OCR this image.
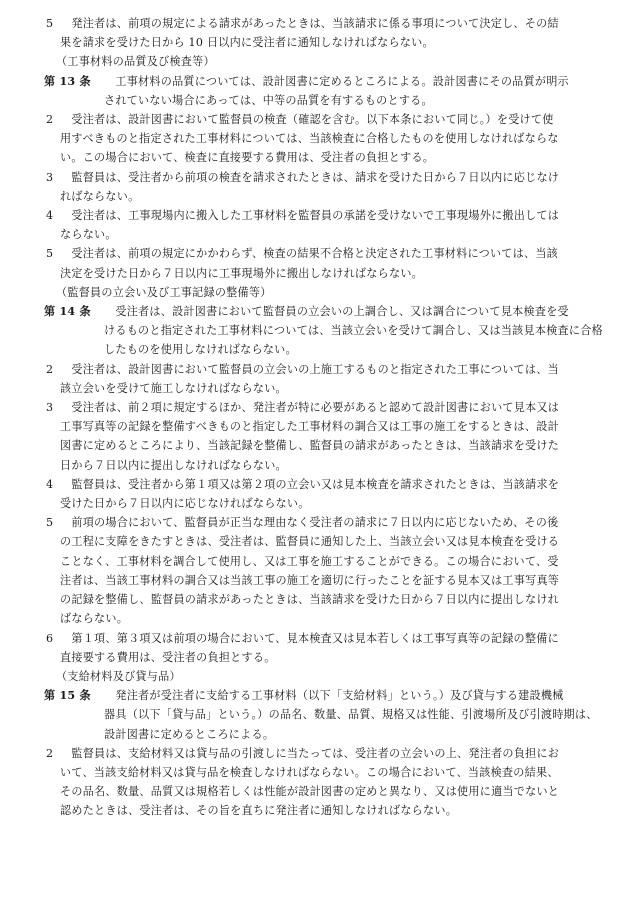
5 　発注者は、前項の規定による請求があったときは、当該請求に係る事項について決定し、その結
果を請求を受けた日から 10 日以内に受注者に通知しなければならない。
（工事材料の品質及び検査等）
第 13 条 　工事材料の品質については、設計図書に定めるところによる。設計図書にその品質が明示
されていない場合にあっては、中等の品質を有するものとする。
2 　受注者は、設計図書において監督員の検査（確認を含む。以下本条において同じ。）を受けて使
用すべきものと指定された工事材料については、当該検査に合格したものを使用しなければならな
い。この場合において、検査に直接要する費用は、受注者の負担とする。
3 　監督員は、受注者から前項の検査を請求されたときは、請求を受けた日から７日以内に応じなけ
ればならない。
4 　受注者は、工事現場内に搬入した工事材料を監督員の承諾を受けないで工事現場外に搬出しては
ならない。
5 　受注者は、前項の規定にかかわらず、検査の結果不合格と決定された工事材料については、当該
決定を受けた日から７日以内に工事現場外に搬出しなければならない。
（監督員の立会い及び工事記録の整備等）
第 14 条 　受注者は、設計図書において監督員の立会いの上調合し、又は調合について見本検査を受
けるものと指定された工事材料については、当該立会いを受けて調合し、又は当該見本検査に合格
したものを使用しなければならない。
2 　受注者は、設計図書において監督員の立会いの上施工するものと指定された工事については、当
該立会いを受けて施工しなければならない。
3 　受注者は、前２項に規定するほか、発注者が特に必要があると認めて設計図書において見本又は
工事写真等の記録を整備すべきものと指定した工事材料の調合又は工事の施工をするときは、設計
図書に定めるところにより、当該記録を整備し、監督員の請求があったときは、当該請求を受けた
日から７日以内に提出しなければならない。
4 　監督員は、受注者から第１項又は第２項の立会い又は見本検査を請求されたときは、当該請求を
受けた日から７日以内に応じなければならない。
5 　前項の場合において、監督員が正当な理由なく受注者の請求に７日以内に応じないため、その後
の工程に支障をきたすときは、受注者は、監督員に通知した上、当該立会い又は見本検査を受ける
ことなく、工事材料を調合して使用し、又は工事を施工することができる。この場合において、受
注者は、当該工事材料の調合又は当該工事の施工を適切に行ったことを証する見本又は工事写真等
の記録を整備し、監督員の請求があったときは、当該請求を受けた日から７日以内に提出しなけれ
ばならない。
6 　第１項、第３項又は前項の場合において、見本検査又は見本若しくは工事写真等の記録の整備に
直接要する費用は、受注者の負担とする。
（支給材料及び貸与品）
第 15 条 　発注者が受注者に支給する工事材料（以下「支給材料」という。）及び貸与する建設機械
器具（以下「貸与品」という。）の品名、数量、品質、規格又は性能、引渡場所及び引渡時期は、
設計図書に定めるところによる。
2 　監督員は、支給材料又は貸与品の引渡しに当たっては、受注者の立会いの上、発注者の負担にお
いて、当該支給材料又は貸与品を検査しなければならない。この場合において、当該検査の結果、
その品名、数量、品質又は規格若しくは性能が設計図書の定めと異なり、又は使用に適当でないと
認めたときは、受注者は、その旨を直ちに発注者に通知しなければならない。
